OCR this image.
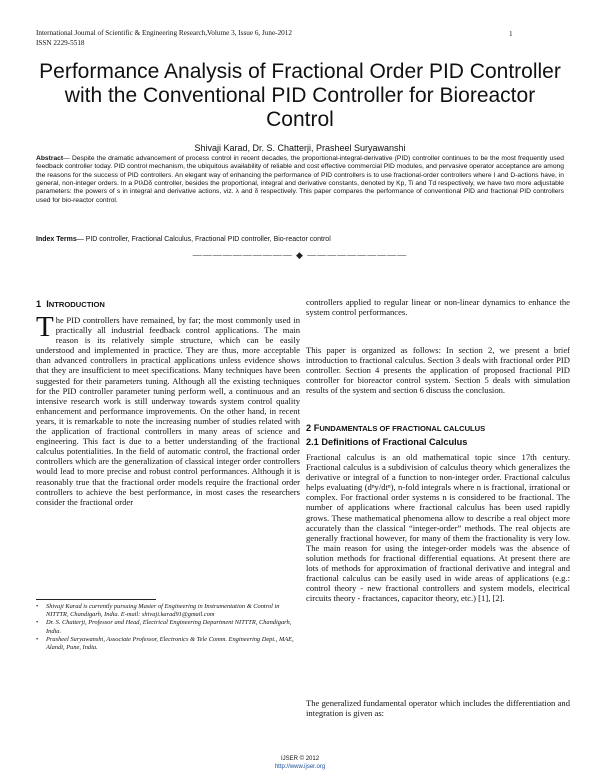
International Journal of Scientific & Engineering Research,Volume 3, Issue 6, June-2012
ISSN 2229-5518
1
Performance Analysis of Fractional Order PID Controller with the Conventional PID Controller for Bioreactor Control
Shivaji Karad, Dr. S. Chatterji, Prasheel Suryawanshi
Abstract— Despite the dramatic advancement of process control in recent decades, the proportional-integral-derivative (PID) controller continues to be the most frequently used feedback controller today. PID control mechanism, the ubiquitous availability of reliable and cost effective commercial PID modules, and pervasive operator acceptance are among the reasons for the success of PID controllers. An elegant way of enhancing the performance of PID controllers is to use fractional-order controllers where I and D-actions have, in general, non-integer orders. In a PIλDδ controller, besides the proportional, integral and derivative constants, denoted by Kp, Ti and Td respectively, we have two more adjustable parameters: the powers of s in integral and derivative actions, viz. λ and δ respectively. This paper compares the performance of conventional PID and fractional PID controllers used for bio-reactor control.
Index Terms— PID controller, Fractional Calculus, Fractional PID controller, Bio-reactor control
—————————— ◆ ——————————
1 INTRODUCTION

The PID controllers have remained, by far; the most commonly used in practically all industrial feedback control applications. The main reason is its relatively simple structure, which can be easily understood and implemented in practice. They are thus, more acceptable than advanced controllers in practical applications unless evidence shows that they are insufficient to meet specifications. Many techniques have been suggested for their parameters tuning. Although all the existing techniques for the PID controller parameter tuning perform well, a continuous and an intensive research work is still underway towards system control quality enhancement and performance improvements. On the other hand, in recent years, it is remarkable to note the increasing number of studies related with the application of fractional controllers in many areas of science and engineering. This fact is due to a better understanding of the fractional calculus potentialities. In the field of automatic control, the fractional order controllers which are the generalization of classical integer order controllers would lead to more precise and robust control performances. Although it is reasonably true that the fractional order models require the fractional order controllers to achieve the best performance, in most cases the researchers consider the fractional order

controllers applied to regular linear or non-linear dynamics to enhance the system control performances.

This paper is organized as follows: In section 2, we present a brief introduction to fractional calculus. Section 3 deals with fractional order PID controller. Section 4 presents the application of proposed fractional PID controller for bioreactor control system. Section 5 deals with simulation results of the system and section 6 discuss the conclusion.

2 FUNDAMENTALS OF FRACTIONAL CALCULUS
2.1 Definitions of Fractional Calculus

Fractional calculus is an old mathematical topic since 17th century. Fractional calculus is a subdivision of calculus theory which generalizes the derivative or integral of a function to non-integer order. Fractional calculus helps evaluating (dⁿy/dtⁿ), n-fold integrals where n is fractional, irrational or complex. For fractional order systems n is considered to be fractional. The number of applications where fractional calculus has been used rapidly grows. These mathematical phenomena allow to describe a real object more accurately than the classical “integer-order” methods. The real objects are generally fractional however, for many of them the fractionality is very low. The main reason for using the integer-order models was the absence of solution methods for fractional differential equations. At present there are lots of methods for approximation of fractional derivative and integral and fractional calculus can be easily used in wide areas of applications (e.g.: control theory - new fractional controllers and system models, electrical circuits theory - fractances, capacitor theory, etc.) [1], [2].

The generalized fundamental operator which includes the differentiation and integration is given as:

• Shivaji Karad is currently pursuing Master of Engineering in Instrumentation & Control in NITTTR, Chandigarh, India. E-mail: shivaji.karad91@gmail.com
• Dr. S. Chatterji, Professor and Head, Electrical Engineering Department NITTTR, Chandigarh, India.
• Prasheel Suryawanshi, Associate Professor, Electronics & Tele Comm. Engineering Dept., MAE, Alandi, Pune, India.
IJSER © 2012
http://www.ijser.org
